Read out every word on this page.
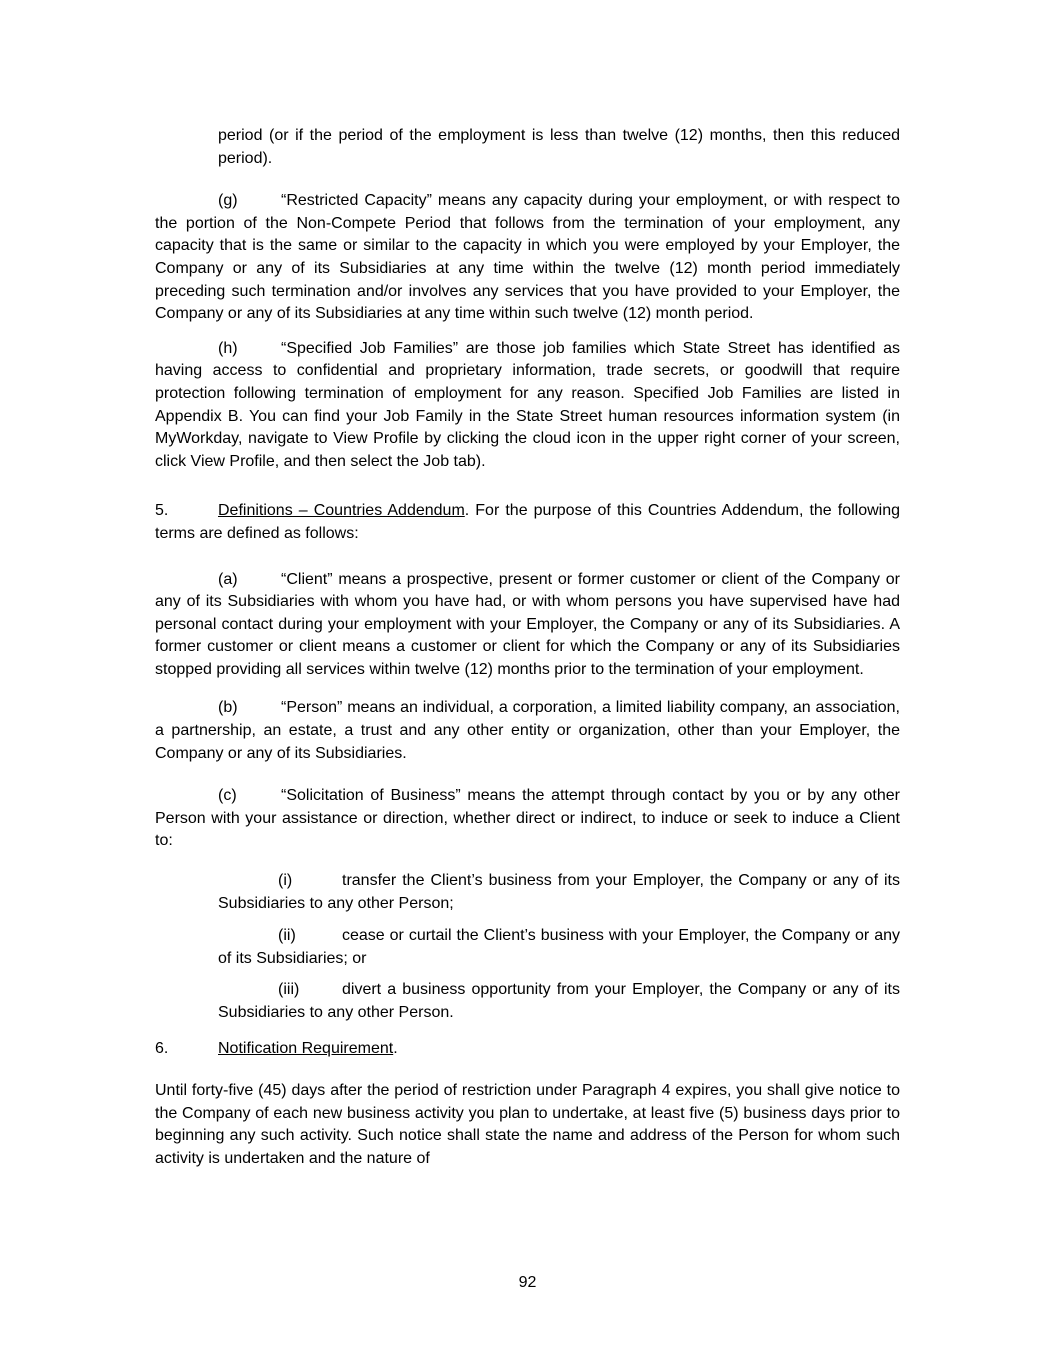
period (or if the period of the employment is less than twelve (12) months, then this reduced period).

(g)	“Restricted Capacity” means any capacity during your employment, or with respect to the portion of the Non-Compete Period that follows from the termination of your employment, any capacity that is the same or similar to the capacity in which you were employed by your Employer, the Company or any of its Subsidiaries at any time within the twelve (12) month period immediately preceding such termination and/or involves any services that you have provided to your Employer, the Company or any of its Subsidiaries at any time within such twelve (12) month period.

(h)	“Specified Job Families” are those job families which State Street has identified as having access to confidential and proprietary information, trade secrets, or goodwill that require protection following termination of employment for any reason. Specified Job Families are listed in Appendix B. You can find your Job Family in the State Street human resources information system (in MyWorkday, navigate to View Profile by clicking the cloud icon in the upper right corner of your screen, click View Profile, and then select the Job tab).

5.	Definitions – Countries Addendum. For the purpose of this Countries Addendum, the following terms are defined as follows:

(a)	“Client” means a prospective, present or former customer or client of the Company or any of its Subsidiaries with whom you have had, or with whom persons you have supervised have had personal contact during your employment with your Employer, the Company or any of its Subsidiaries. A former customer or client means a customer or client for which the Company or any of its Subsidiaries stopped providing all services within twelve (12) months prior to the termination of your employment.

(b)	“Person” means an individual, a corporation, a limited liability company, an association, a partnership, an estate, a trust and any other entity or organization, other than your Employer, the Company or any of its Subsidiaries.

(c)	“Solicitation of Business” means the attempt through contact by you or by any other Person with your assistance or direction, whether direct or indirect, to induce or seek to induce a Client to:

(i)	transfer the Client’s business from your Employer, the Company or any of its Subsidiaries to any other Person;

(ii)	cease or curtail the Client’s business with your Employer, the Company or any of its Subsidiaries; or

(iii)	divert a business opportunity from your Employer, the Company or any of its Subsidiaries to any other Person.

6.	Notification Requirement.

Until forty-five (45) days after the period of restriction under Paragraph 4 expires, you shall give notice to the Company of each new business activity you plan to undertake, at least five (5) business days prior to beginning any such activity. Such notice shall state the name and address of the Person for whom such activity is undertaken and the nature of

92
